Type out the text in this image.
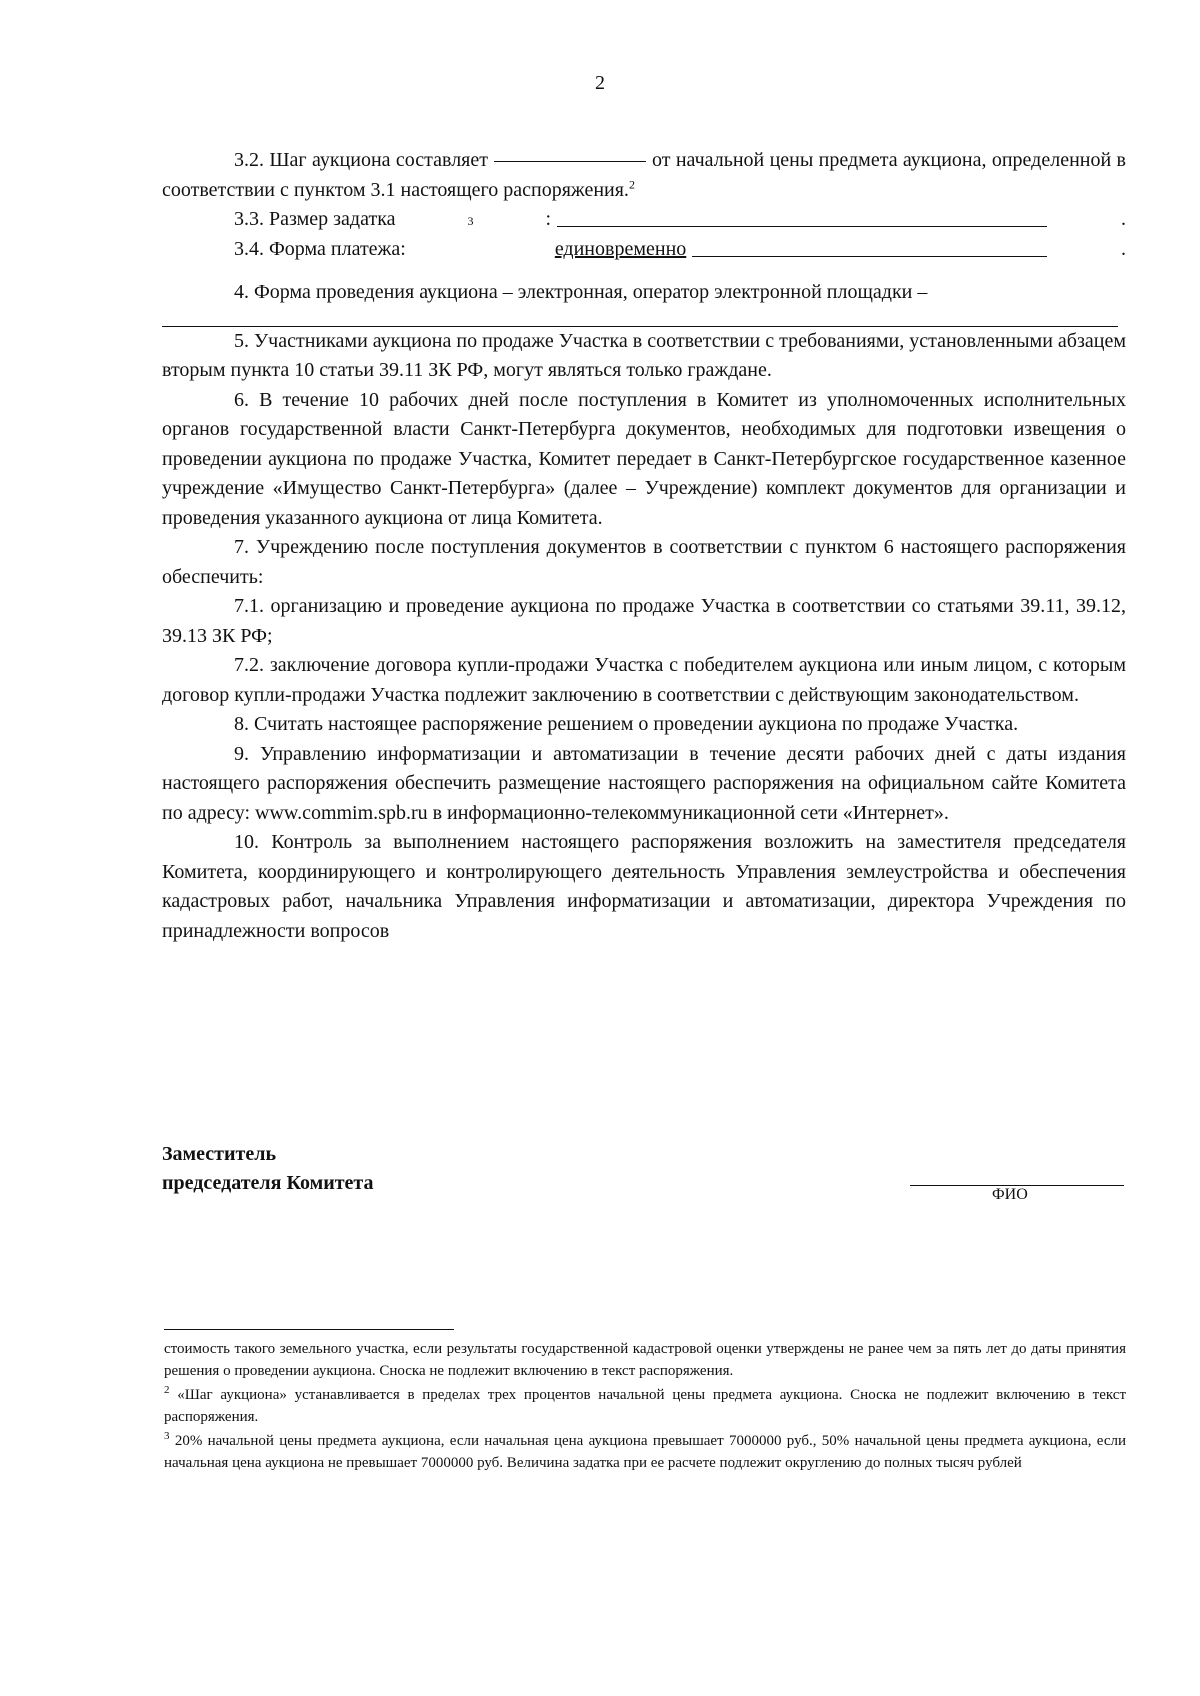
2

3.2. Шаг аукциона составляет	от начальной цены предмета аукциона, определенной в соответствии с пунктом 3.1 настоящего распоряжения.$^2$

3.3. Размер задатка	3	:	.
3.4. Форма платежа:
	единовременно	.

4. Форма проведения аукциона – электронная, оператор электронной площадки –

5. Участниками аукциона по продаже Участка в соответствии с требованиями, установленными абзацем вторым пункта 10 статьи 39.11 ЗК РФ, могут являться только граждане.

6. В течение 10 рабочих дней после поступления в Комитет из уполномоченных исполнительных органов государственной власти Санкт-Петербурга документов, необходимых для подготовки извещения о проведении аукциона по продаже Участка, Комитет передает в Санкт-Петербургское государственное казенное учреждение «Имущество Санкт-Петербурга» (далее – Учреждение) комплект документов для организации и проведения указанного аукциона от лица Комитета.

7. Учреждению после поступления документов в соответствии с пунктом 6 настоящего распоряжения обеспечить:

7.1. организацию и проведение аукциона по продаже Участка в соответствии со статьями 39.11, 39.12, 39.13 ЗК РФ;

7.2. заключение договора купли-продажи Участка с победителем аукциона или иным лицом, с которым договор купли-продажи Участка подлежит заключению в соответствии с действующим законодательством.

8. Считать настоящее распоряжение решением о проведении аукциона по продаже Участка.

9. Управлению информатизации и автоматизации в течение десяти рабочих дней с даты издания настоящего распоряжения обеспечить размещение настоящего распоряжения на официальном сайте Комитета по адресу: www.commim.spb.ru в информационно-телекоммуникационной сети «Интернет».

10. Контроль за выполнением настоящего распоряжения возложить на заместителя председателя Комитета, координирующего и контролирующего деятельность Управления землеустройства и обеспечения кадастровых работ, начальника Управления информатизации и автоматизации, директора Учреждения по принадлежности вопросов

Заместитель
председателя Комитета
ФИО

стоимость такого земельного участка, если результаты государственной кадастровой оценки утверждены не ранее чем за пять лет до даты принятия решения о проведении аукциона. Сноска не подлежит включению в текст распоряжения.

$^2$ «Шаг аукциона» устанавливается в пределах трех процентов начальной цены предмета аукциона. Сноска не подлежит включению в текст распоряжения.

$^3$ 20% начальной цены предмета аукциона, если начальная цена аукциона превышает 7000000 руб., 50% начальной цены предмета аукциона, если начальная цена аукциона не превышает 7000000 руб. Величина задатка при ее расчете подлежит округлению до полных тысяч рублей
